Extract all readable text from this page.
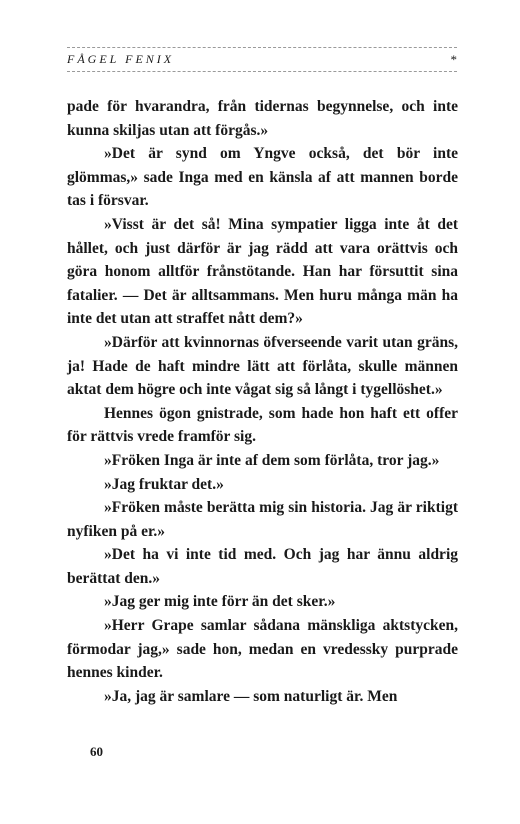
FÅGEL FENIX	*

pade för hvarandra, från tidernas begynnelse, och inte kunna skiljas utan att förgås.»

»Det är synd om Yngve också, det bör inte glömmas,» sade Inga med en känsla af att mannen borde tas i försvar.

»Visst är det så! Mina sympatier ligga inte åt det hållet, och just därför är jag rädd att vara orättvis och göra honom alltför frånstötande. Han har försuttit sina fatalier. — Det är alltsammans. Men huru många män ha inte det utan att straffet nått dem?»

»Därför att kvinnornas öfverseende varit utan gräns, ja! Hade de haft mindre lätt att förlåta, skulle männen aktat dem högre och inte vågat sig så långt i tygellöshet.»

Hennes ögon gnistrade, som hade hon haft ett offer för rättvis vrede framför sig.

»Fröken Inga är inte af dem som förlåta, tror jag.»

»Jag fruktar det.»

»Fröken måste berätta mig sin historia. Jag är riktigt nyfiken på er.»

»Det ha vi inte tid med. Och jag har ännu aldrig berättat den.»

»Jag ger mig inte förr än det sker.»

»Herr Grape samlar sådana mänskliga aktstycken, förmodar jag,» sade hon, medan en vredessky purprade hennes kinder.

»Ja, jag är samlare — som naturligt är. Men

60
